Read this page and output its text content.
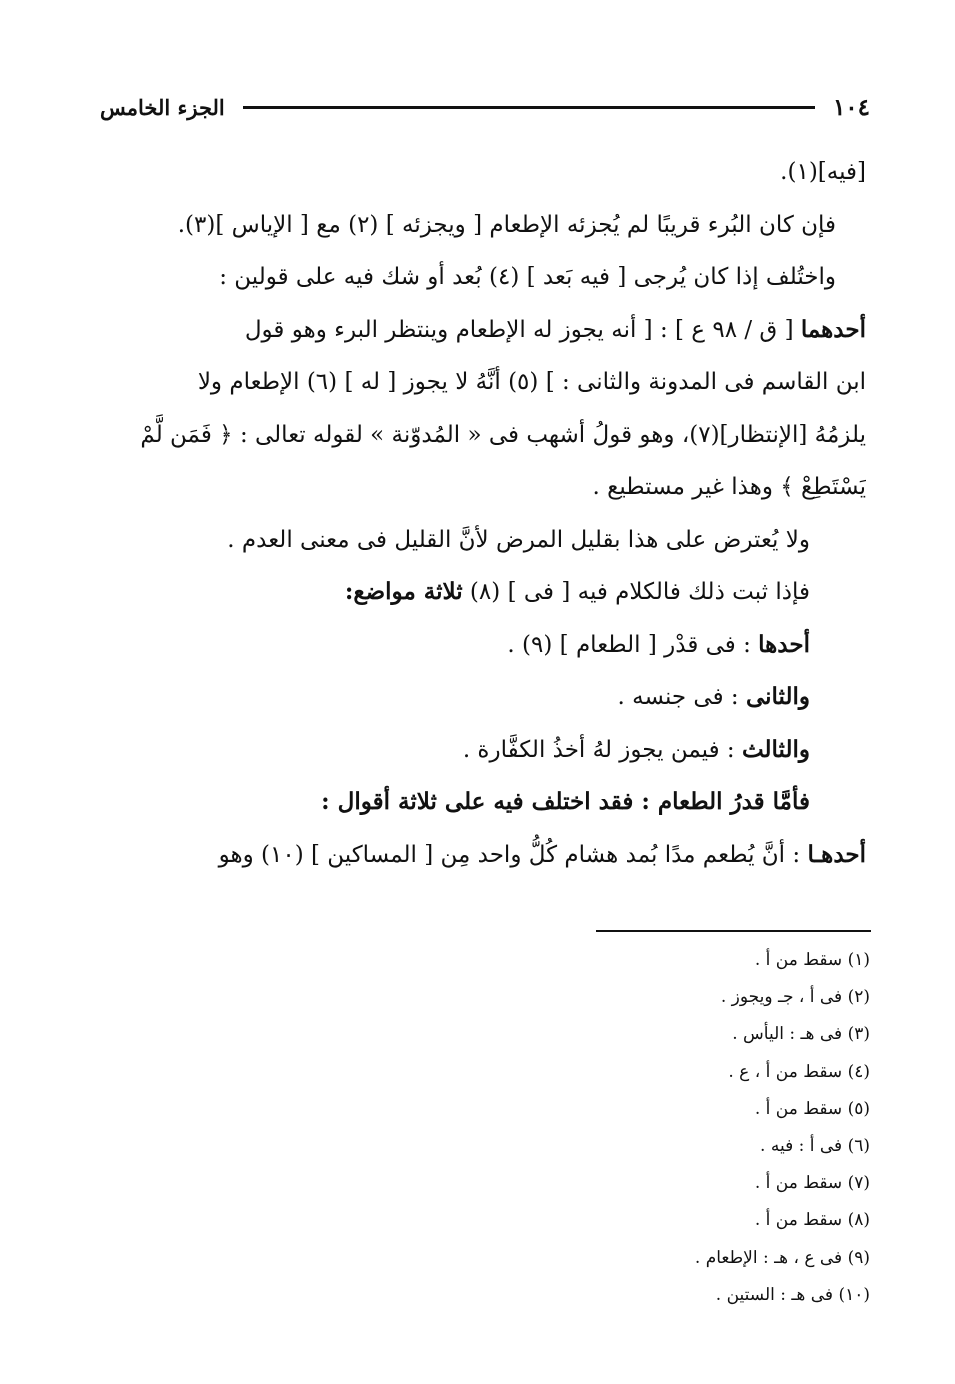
١٠٤
الجزء الخامس
[فيه](١).
فإن كان البُرء قريبًا لم يُجزئه الإطعام [ ويجزئه ] (٢) مع [ الإياس ](٣).
واختُلف إذا كان يُرجى [ فيه بَعد ] (٤) بُعد أو شك فيه على قولين :
أحدهما [ ق / ٩٨ ع ] : [ أنه يجوز له الإطعام وينتظر البرء وهو قول
ابن القاسم فى المدونة والثانى : ] (٥) أنَّهُ لا يجوز [ له ] (٦) الإطعام ولا
يلزمُهُ [الإنتظار](٧)، وهو قولُ أشهب فى « المُدوّنة » لقوله تعالى : ﴿ فَمَن لَّمْ
يَسْتَطِعْ ﴾ وهذا غير مستطيع .
ولا يُعترض على هذا بقليل المرض لأنَّ القليل فى معنى العدم .
فإذا ثبت ذلك فالكلام فيه [ فى ] (٨) ثلاثة مواضع:
أحدها : فى قدْر [ الطعام ] (٩) .
والثانى : فى جنسه .
والثالث : فيمن يجوز لهُ أخذُ الكفَّارة .
فأمَّا قدرُ الطعام : فقد اختلف فيه على ثلاثة أقوال :
أحدهـا : أنَّ يُطعم مدًا بُمد هشام كُلُّ واحد مِن [ المساكين ] (١٠) وهو
(١) سقط من أ .
(٢) فى أ ، جـ ويجوز .
(٣) فى هـ : اليأس .
(٤) سقط من أ ، ع .
(٥) سقط من أ .
(٦) فى أ : فيه .
(٧) سقط من أ .
(٨) سقط من أ .
(٩) فى ع ، هـ : الإطعام .
(١٠) فى هـ : الستين .
